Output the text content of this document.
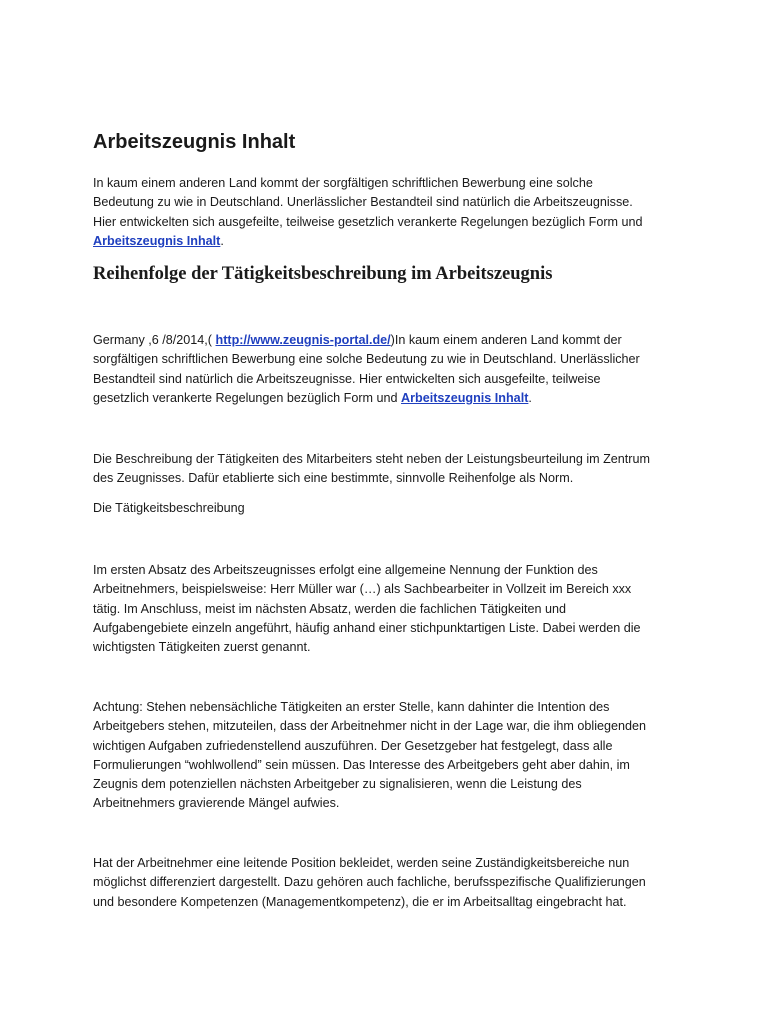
Arbeitszeugnis Inhalt

In kaum einem anderen Land kommt der sorgfältigen schriftlichen Bewerbung eine solche
Bedeutung zu wie in Deutschland. Unerlässlicher Bestandteil sind natürlich die Arbeitszeugnisse.
Hier entwickelten sich ausgefeilte, teilweise gesetzlich verankerte Regelungen bezüglich Form und
Arbeitszeugnis Inhalt.

Reihenfolge der Tätigkeitsbeschreibung im Arbeitszeugnis

Germany ,6 /8/2014,( http://www.zeugnis-portal.de/)In kaum einem anderen Land kommt der
sorgfältigen schriftlichen Bewerbung eine solche Bedeutung zu wie in Deutschland. Unerlässlicher
Bestandteil sind natürlich die Arbeitszeugnisse. Hier entwickelten sich ausgefeilte, teilweise
gesetzlich verankerte Regelungen bezüglich Form und Arbeitszeugnis Inhalt.

Die Beschreibung der Tätigkeiten des Mitarbeiters steht neben der Leistungsbeurteilung im Zentrum
des Zeugnisses. Dafür etablierte sich eine bestimmte, sinnvolle Reihenfolge als Norm.

Die Tätigkeitsbeschreibung

Im ersten Absatz des Arbeitszeugnisses erfolgt eine allgemeine Nennung der Funktion des
Arbeitnehmers, beispielsweise: Herr Müller war (…) als Sachbearbeiter in Vollzeit im Bereich xxx
tätig. Im Anschluss, meist im nächsten Absatz, werden die fachlichen Tätigkeiten und
Aufgabengebiete einzeln angeführt, häufig anhand einer stichpunktartigen Liste. Dabei werden die
wichtigsten Tätigkeiten zuerst genannt.

Achtung: Stehen nebensächliche Tätigkeiten an erster Stelle, kann dahinter die Intention des
Arbeitgebers stehen, mitzuteilen, dass der Arbeitnehmer nicht in der Lage war, die ihm obliegenden
wichtigen Aufgaben zufriedenstellend auszuführen. Der Gesetzgeber hat festgelegt, dass alle
Formulierungen “wohlwollend” sein müssen. Das Interesse des Arbeitgebers geht aber dahin, im
Zeugnis dem potenziellen nächsten Arbeitgeber zu signalisieren, wenn die Leistung des
Arbeitnehmers gravierende Mängel aufwies.

Hat der Arbeitnehmer eine leitende Position bekleidet, werden seine Zuständigkeitsbereiche nun
möglichst differenziert dargestellt. Dazu gehören auch fachliche, berufsspezifische Qualifizierungen
und besondere Kompetenzen (Managementkompetenz), die er im Arbeitsalltag eingebracht hat.
